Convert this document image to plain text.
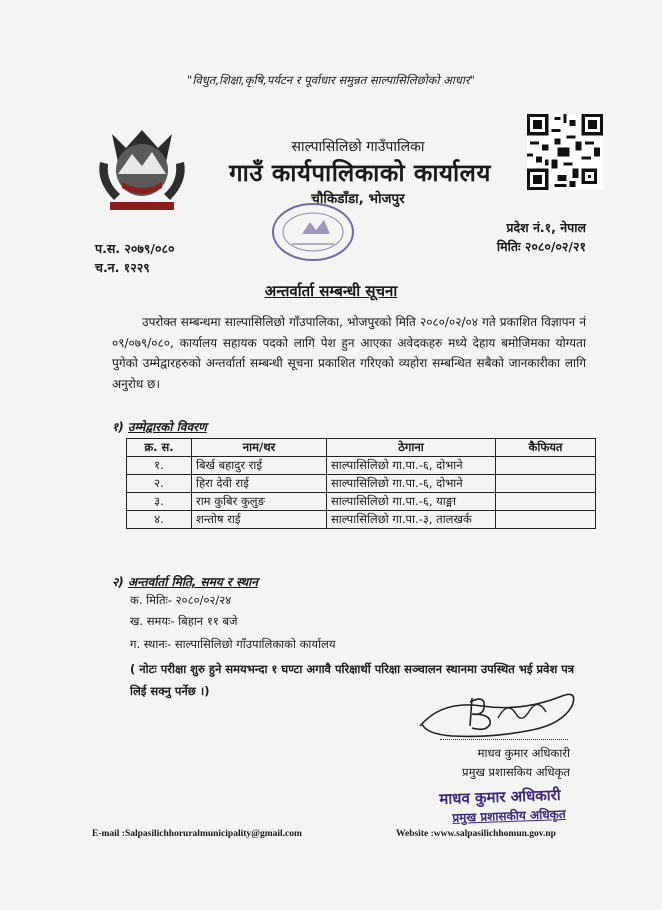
"विधुत,शिक्षा,कृषि,पर्यटन र पूर्वाधार समुन्नत साल्पासिलिछोको आधार"
साल्पासिलिछो गाउँपालिका
गाउँ कार्यपालिकाको कार्यालय
चौकिडाँडा, भोजपुर
प्रदेश नं.१, नेपाल
मितिः २०८०/०२/२१
प.स. २०७९/०८०
च.न. १२२९
अन्तर्वार्ता सम्बन्धी सूचना
उपरोक्त सम्बन्धमा साल्पासिलिछो गाँउपालिका, भोजपुरको मिति २०८०/०२/०४ गते प्रकाशित विज्ञापन नं ०९/०७९/०८०, कार्यालय सहायक पदको लागि पेश हुन आएका अवेदकहरु मध्ये देहाय बमोजिमका योग्यता पुगेको उम्मेद्वारहरुको अन्तर्वार्ता सम्बन्धी सूचना प्रकाशित गरिएको व्यहोरा सम्बन्धित सबैको जानकारीका लागि अनुरोध छ।
१) उम्मेद्वारको विवरण
क्र. स.	नाम/थर	ठेगाना	कैफियत
१.	बिर्ख बहादुर राई	साल्पासिलिछो गा.पा.-६, दोभाने	
२.	हिरा देवी राई	साल्पासिलिछो गा.पा.-६, दोभाने	
३.	राम कुबिर कुलुङ	साल्पासिलिछो गा.पा.-६, याङ्मा	
४.	शन्तोष राई	साल्पासिलिछो गा.पा.-३, तालखर्क	
२) अन्तर्वार्ता मिति, समय र स्थान
क. मितिः- २०८०/०२/२४
ख. समयः- बिहान ११ बजे
ग. स्थानः- साल्पासिलिछो गाँउपालिकाको कार्यालय
( नोटः परीक्षा शुरु हुने समयभन्दा १ घण्टा अगावै परिक्षार्थी परिक्षा सञ्चालन स्थानमा उपस्थित भई प्रवेश पत्र लिई सक्नु पर्नेछ ।)
माधव कुमार अधिकारी
प्रमुख प्रशासकिय अधिकृत
माधव कुमार अधिकारी
प्रमुख प्रशासकीय अधिकृत
E-mail :Salpasilichhoruralmunicipality@gmail.com	Website :www.salpasilichhomun.gov.np
